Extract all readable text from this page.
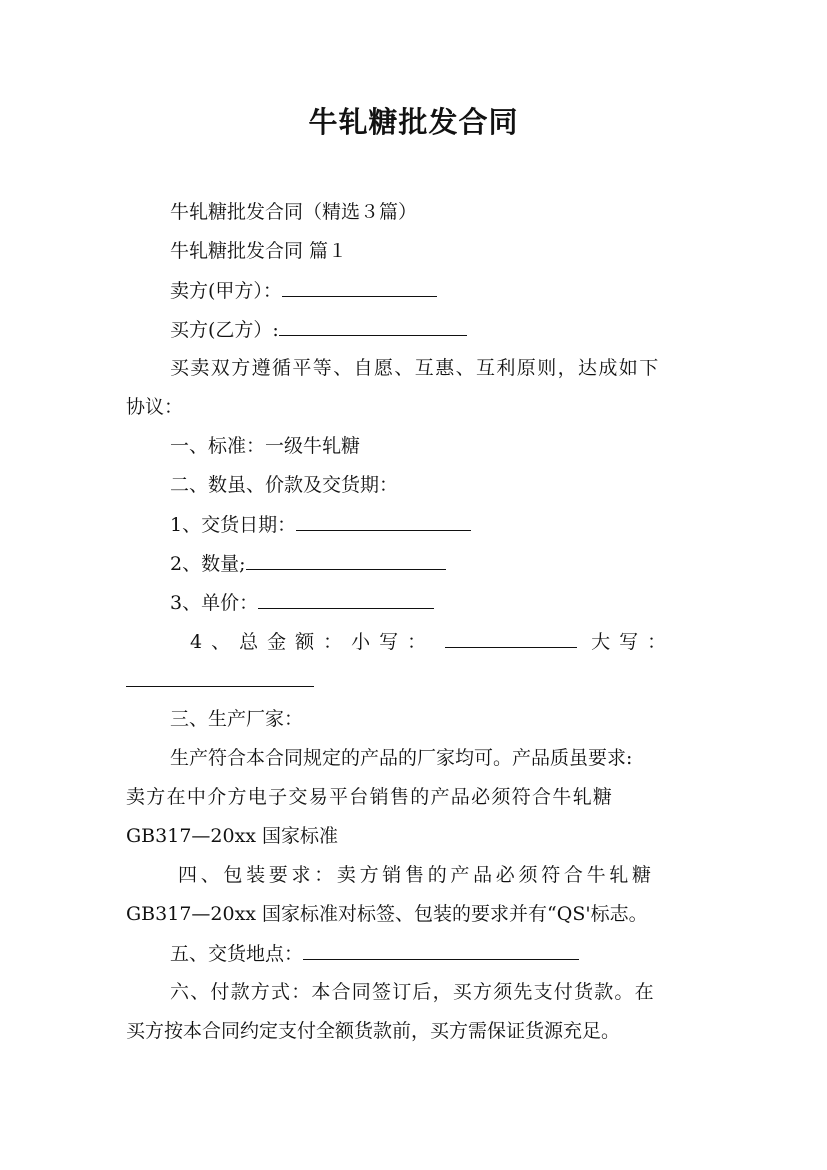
牛轧糖批发合同
牛轧糖批发合同（精选３篇）
牛轧糖批发合同 篇１
卖方(甲方）：
买方(乙方）:
买卖双方遵循平等、自愿、互惠、互利原则，达成如下
协议：
一、标准：一级牛轧糖
二、数虽、价款及交货期：
1、交货日期：
2、数量;
3、单价：
4、总金额：小写：	大写：
三、生产厂家：
生产符合本合同规定的产品的厂家均可。产品质虽要求:
卖方在中介方电子交易平台销售的产品必须符合牛轧糖
GB317—20xx 国家标准
四、包装要求：卖方销售的产品必须符合牛轧糖
GB317—20xx 国家标准对标签、包装的要求并有“QS'标志。
五、交货地点：
六、付款方式：本合同签订后，买方须先支付货款。在
买方按本合同约定支付全额货款前，买方需保证货源充足。
